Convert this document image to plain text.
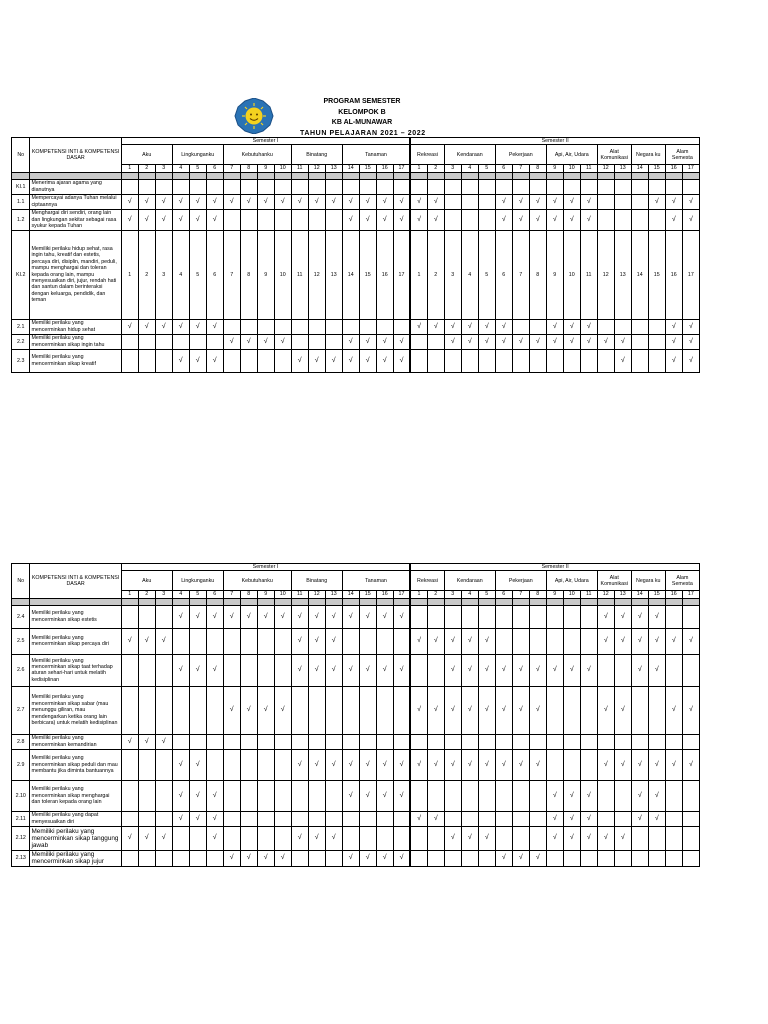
PROGRAM SEMESTER
KELOMPOK B
KB AL-MUNAWAR
TAHUN PELAJARAN 2021 – 2022
No	KOMPETENSI INTI & KOMPETENSI DASAR	Semester I																	Semester II																
		Aku			Lingkunganku			Kebutuhanku				Binatang			Tanaman				Rekreasi		Kendaraan			Pekerjaan			Api, Air, Udara			Alat Komunikasi		Negara ku		Alam Semesta	
		1	2	3	4	5	6	7	8	9	10	11	12	13	14	15	16	17	1	2	3	4	5	6	7	8	9	10	11	12	13	14	15	16	17

KI.1	Menerima ajaran agama yang dianutnya																																		
1.1	Mempercayai adanya Tuhan melalui ciptaannya	√	√	√	√	√	√	√	√	√	√	√	√	√	√	√	√	√	√	√				√	√	√	√	√	√				√	√	√
1.2	Menghargai diri sendiri, orang lain dan lingkungan sekitar sebagai rasa syukur kepada Tuhan	√	√	√	√	√	√								√	√	√	√	√	√				√	√	√	√	√	√					√	√
KI.2	Memiliki perilaku hidup sehat, rasa ingin tahu, kreatif dan estetis, percaya diri, disiplin, mandiri, peduli, mampu menghargai dan toleran kepada orang lain, mampu menyesuaikan diri, jujur, rendah hati dan santun dalam berinteraksi dengan keluarga, pendidik, dan teman	1	2	3	4	5	6	7	8	9	10	11	12	13	14	15	16	17	1	2	3	4	5	6	7	8	9	10	11	12	13	14	15	16	17
2.1	Memiliki perilaku yang mencerminkan hidup sehat	√	√	√	√	√	√												√	√	√	√	√	√			√	√	√					√	√
2.2	Memiliki perilaku yang mencerminkan sikap ingin tahu							√	√	√	√				√	√	√	√			√	√	√	√	√	√	√	√	√	√	√			√	√
2.3	Memiliki perilaku yang mencerminkan sikap kreatif				√	√	√					√	√	√	√	√	√	√													√			√	√
No	KOMPETENSI INTI & KOMPETENSI DASAR	Semester I																	Semester II																
		Aku			Lingkunganku			Kebutuhanku				Binatang			Tanaman				Rekreasi		Kendaraan			Pekerjaan			Api, Air, Udara			Alat Komunikasi		Negara ku		Alam Semesta	
		1	2	3	4	5	6	7	8	9	10	11	12	13	14	15	16	17	1	2	3	4	5	6	7	8	9	10	11	12	13	14	15	16	17

2.4	Memiliki perilaku yang mencerminkan sikap estetis				√	√	√	√	√	√	√	√	√	√	√	√	√	√												√	√	√	√		
2.5	Memiliki perilaku yang mencerminkan sikap percaya diri	√	√	√								√	√	√					√	√	√	√	√							√	√	√	√	√	√
2.6	Memiliki perilaku yang mencerminkan sikap taat terhadap aturan sehari-hari untuk melatih kedisiplinan				√	√	√					√	√	√	√	√	√	√			√	√	√	√	√	√	√	√	√			√	√		
2.7	Memiliki perilaku yang mencerminkan sikap sabar (mau menunggu giliran, mau mendengarkan ketika orang lain berbicara) untuk melatih kedisiplinan							√	√	√	√								√	√	√	√	√	√	√	√				√	√			√	√
2.8	Memiliki perilaku yang mencerminkan kemandirian	√	√	√																															
2.9	Memiliki perilaku yang mencerminkan sikap peduli dan mau membantu jika diminta bantuannya				√	√						√	√	√	√	√	√	√	√	√	√	√	√	√	√	√				√	√	√	√	√	√
2.10	Memiliki perilaku yang mencerminkan sikap menghargai dan toleran kepada orang lain				√	√	√								√	√	√	√									√	√	√			√	√		
2.11	Memiliki perilaku yang dapat menyesuaikan diri				√	√	√												√	√							√	√	√			√	√		
2.12	Memiliki perilaku yang mencerminkan sikap tanggung jawab	√	√	√			√					√	√	√							√	√	√				√	√	√	√	√				
2.13	Memiliki perilaku yang mencerminkan sikap jujur							√	√	√	√				√	√	√	√						√	√	√									
